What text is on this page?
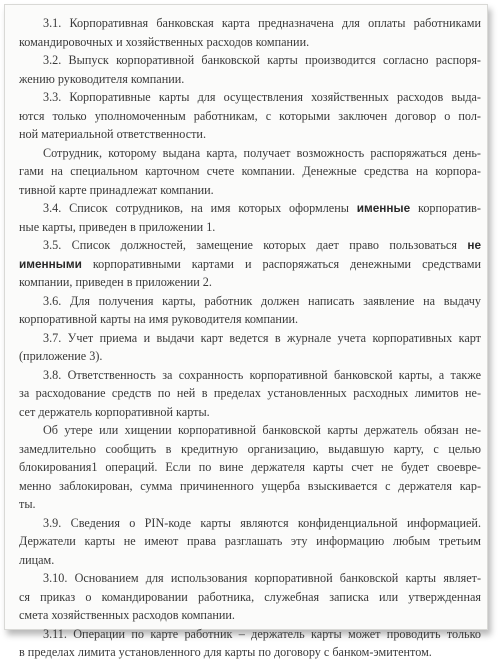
3.1. Корпоративная банковская карта предназначена для оплаты работниками
командировочных и хозяйственных расходов компании.

3.2. Выпуск корпоративной банковской карты производится согласно распоря-
жению руководителя компании.

3.3. Корпоративные карты для осуществления хозяйственных расходов выда-
ются только уполномоченным работникам, с которыми заключен договор о пол-
ной материальной ответственности.

Сотрудник, которому выдана карта, получает возможность распоряжаться день-
гами на специальном карточном счете компании. Денежные средства на корпора-
тивной карте принадлежат компании.

3.4. Список сотрудников, на имя которых оформлены именные корпоратив-
ные карты, приведен в приложении 1.

3.5. Список должностей, замещение которых дает право пользоваться не
именными корпоративными картами и распоряжаться денежными средствами
компании, приведен в приложении 2.

3.6. Для получения карты, работник должен написать заявление на выдачу
корпоративной карты на имя руководителя компании.

3.7. Учет приема и выдачи карт ведется в журнале учета корпоративных карт
(приложение 3).

3.8. Ответственность за сохранность корпоративной банковской карты, а также
за расходование средств по ней в пределах установленных расходных лимитов не-
сет держатель корпоративной карты.

Об утере или хищении корпоративной банковской карты держатель обязан не-
замедлительно сообщить в кредитную организацию, выдавшую карту, с целью
блокирования1 операций. Если по вине держателя карты счет не будет своевре-
менно заблокирован, сумма причиненного ущерба взыскивается с держателя кар-
ты.

3.9. Сведения о PIN-коде карты являются конфиденциальной информацией.
Держатели карты не имеют права разглашать эту информацию любым третьим
лицам.

3.10. Основанием для использования корпоративной банковской карты являет-
ся приказ о командировании работника, служебная записка или утвержденная
смета хозяйственных расходов компании.

3.11. Операции по карте работник – держатель карты может проводить только
в пределах лимита установленного для карты по договору с банком-эмитентом.
